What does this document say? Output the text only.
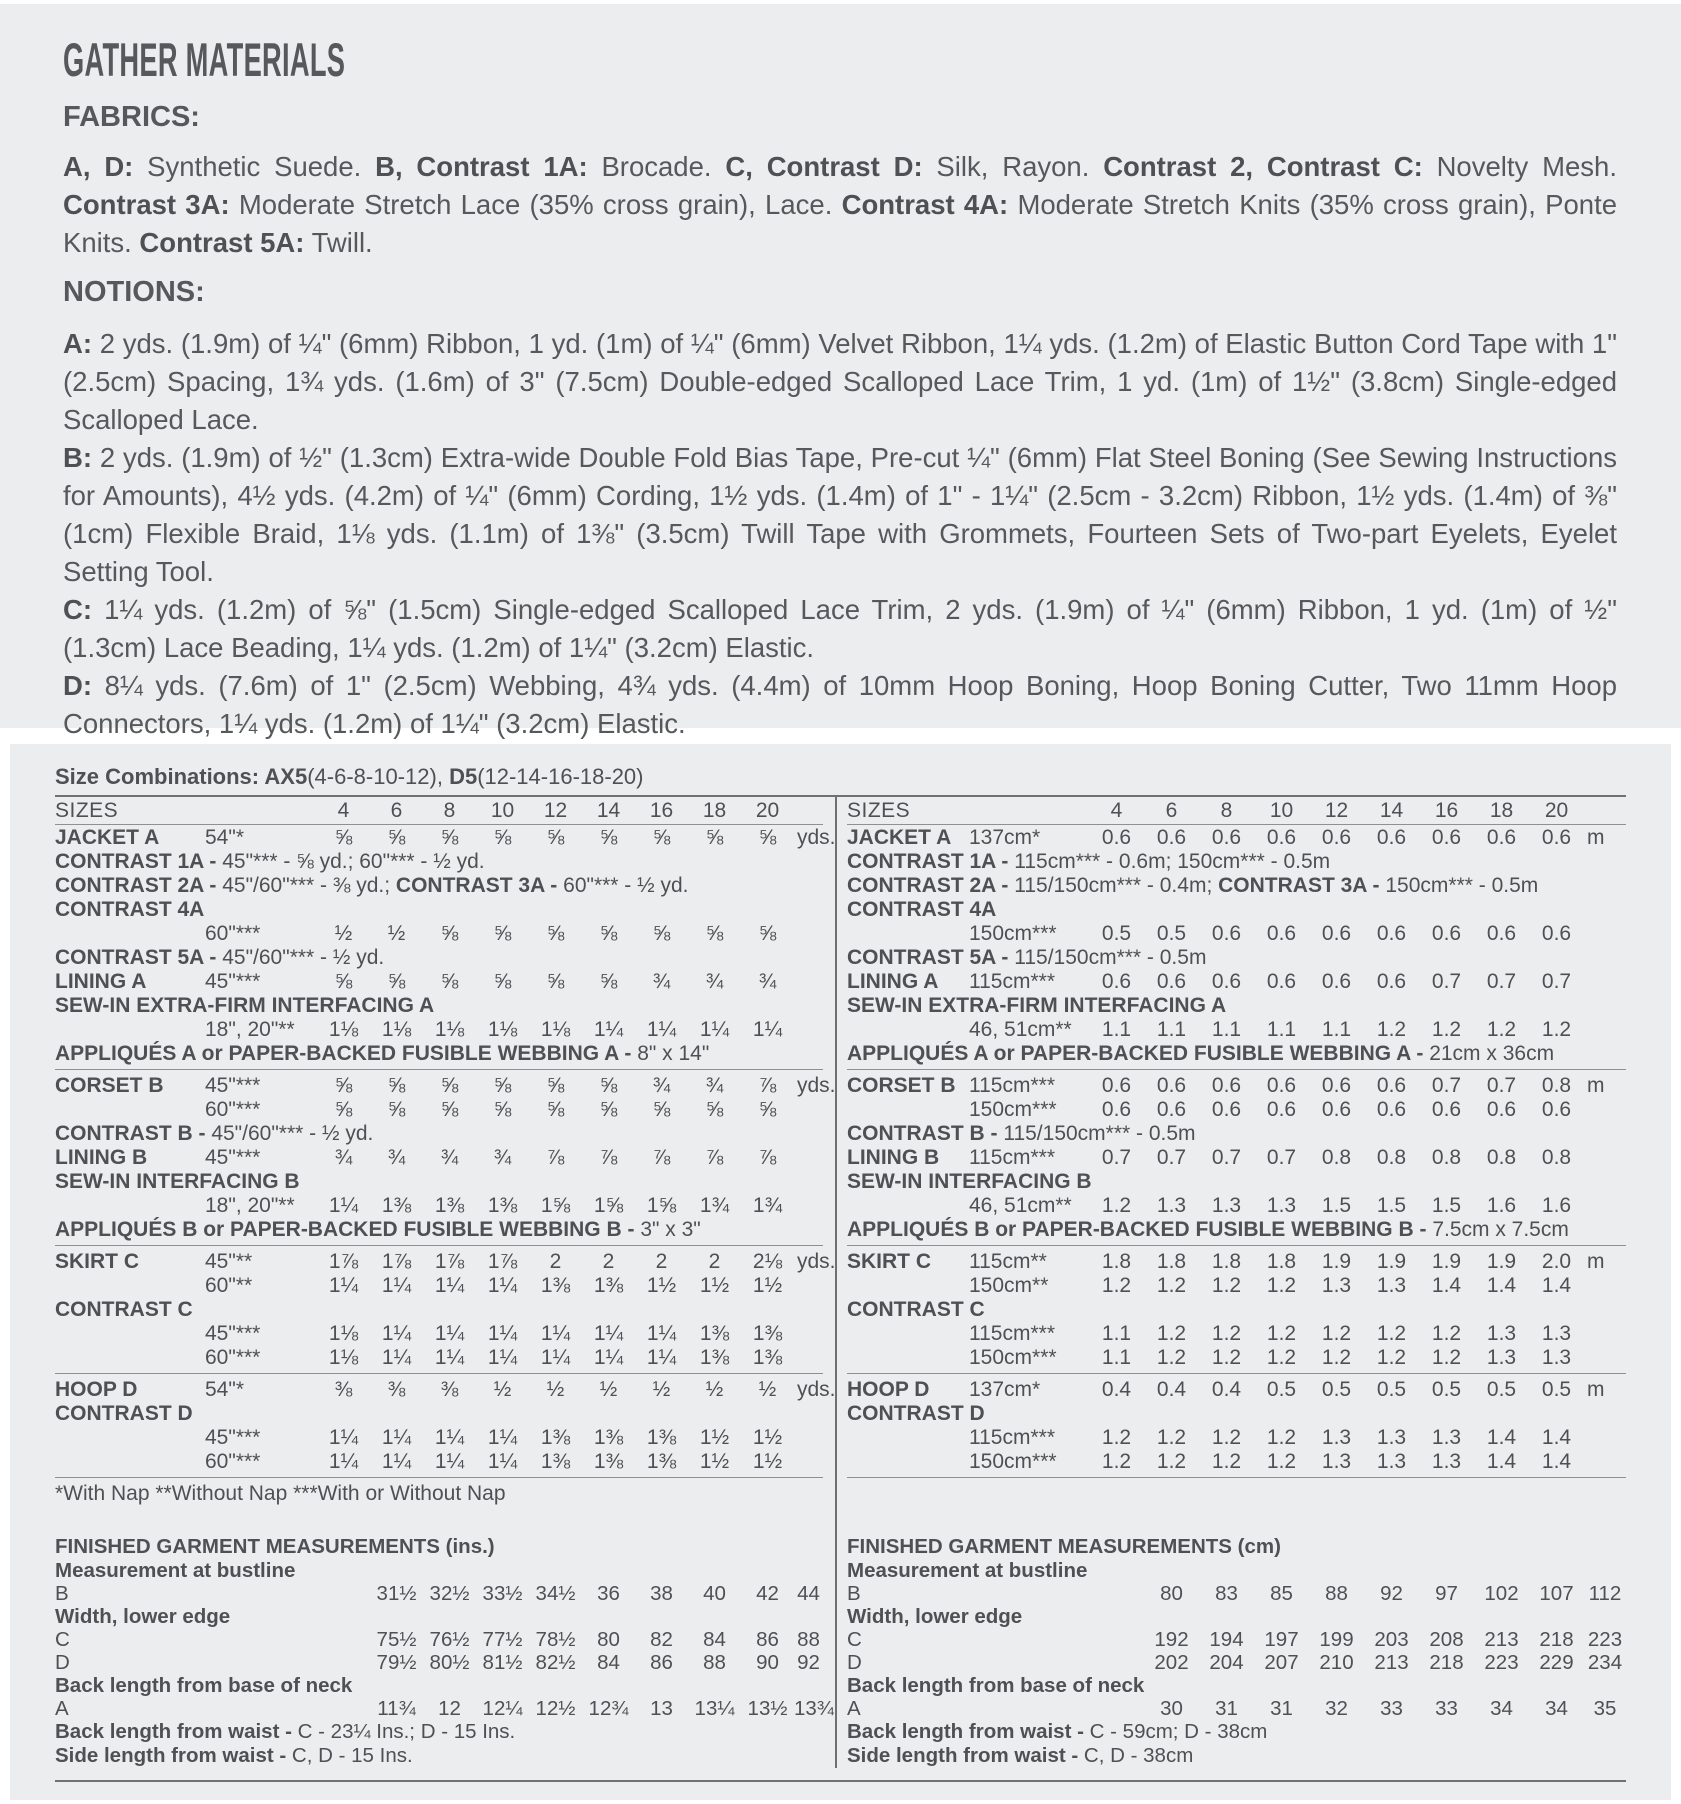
GATHER MATERIALS
FABRICS:
A, D: Synthetic Suede. B, Contrast 1A: Brocade. C, Contrast D: Silk, Rayon. Contrast 2, Contrast C: Novelty Mesh. Contrast 3A: Moderate Stretch Lace (35% cross grain), Lace. Contrast 4A: Moderate Stretch Knits (35% cross grain), Ponte Knits. Contrast 5A: Twill.
NOTIONS:
A: 2 yds. (1.9m) of ¼" (6mm) Ribbon, 1 yd. (1m) of ¼" (6mm) Velvet Ribbon, 1¼ yds. (1.2m) of Elastic Button Cord Tape with 1" (2.5cm) Spacing, 1¾ yds. (1.6m) of 3" (7.5cm) Double-edged Scalloped Lace Trim, 1 yd. (1m) of 1½" (3.8cm) Single-edged Scalloped Lace.
B: 2 yds. (1.9m) of ½" (1.3cm) Extra-wide Double Fold Bias Tape, Pre-cut ¼" (6mm) Flat Steel Boning (See Sewing Instructions for Amounts), 4½ yds. (4.2m) of ¼" (6mm) Cording, 1½ yds. (1.4m) of 1" - 1¼" (2.5cm - 3.2cm) Ribbon, 1½ yds. (1.4m) of ⅜" (1cm) Flexible Braid, 1⅛ yds. (1.1m) of 1⅜" (3.5cm) Twill Tape with Grommets, Fourteen Sets of Two-part Eyelets, Eyelet Setting Tool.
C: 1¼ yds. (1.2m) of ⅝" (1.5cm) Single-edged Scalloped Lace Trim, 2 yds. (1.9m) of ¼" (6mm) Ribbon, 1 yd. (1m) of ½" (1.3cm) Lace Beading, 1¼ yds. (1.2m) of 1¼" (3.2cm) Elastic.
D: 8¼ yds. (7.6m) of 1" (2.5cm) Webbing, 4¾ yds. (4.4m) of 10mm Hoop Boning, Hoop Boning Cutter, Two 11mm Hoop Connectors, 1¼ yds. (1.2m) of 1¼" (3.2cm) Elastic.
Size Combinations: AX5(4-6-8-10-12), D5(12-14-16-18-20)
SIZES	4	6	8	10	12	14	16	18	20
JACKET A	54"*	⅝	⅝	⅝	⅝	⅝	⅝	⅝	⅝	⅝ yds.
CONTRAST 1A - 45"*** - ⅝ yd.; 60"*** - ½ yd.
CONTRAST 2A - 45"/60"*** - ⅜ yd.; CONTRAST 3A - 60"*** - ½ yd.
CONTRAST 4A
60"***	½	½	⅝	⅝	⅝	⅝	⅝	⅝	⅝
CONTRAST 5A - 45"/60"*** - ½ yd.
LINING A	45"***	⅝	⅝	⅝	⅝	⅝	⅝	¾	¾	¾
SEW-IN EXTRA-FIRM INTERFACING A
18", 20"**	1⅛	1⅛	1⅛	1⅛	1⅛	1¼	1¼	1¼	1¼
APPLIQUÉS A or PAPER-BACKED FUSIBLE WEBBING A - 8" x 14"
CORSET B	45"***	⅝	⅝	⅝	⅝	⅝	⅝	¾	¾	⅞ yds.
60"***	⅝	⅝	⅝	⅝	⅝	⅝	⅝	⅝	⅝
CONTRAST B - 45"/60"*** - ½ yd.
LINING B	45"***	¾	¾	¾	¾	⅞	⅞	⅞	⅞	⅞
SEW-IN INTERFACING B
18", 20"**	1¼	1⅜	1⅜	1⅜	1⅝	1⅝	1⅝	1¾	1¾
APPLIQUÉS B or PAPER-BACKED FUSIBLE WEBBING B - 3" x 3"
SKIRT C	45"**	1⅞	1⅞	1⅞	1⅞	2	2	2	2	2⅛ yds.
60"**	1¼	1¼	1¼	1¼	1⅜	1⅜	1½	1½	1½
CONTRAST C
45"***	1⅛	1¼	1¼	1¼	1¼	1¼	1¼	1⅜	1⅜
60"***	1⅛	1¼	1¼	1¼	1¼	1¼	1¼	1⅜	1⅜
HOOP D	54"*	⅜	⅜	⅜	½	½	½	½	½	½ yds.
CONTRAST D
45"***	1¼	1¼	1¼	1¼	1⅜	1⅜	1⅜	1½	1½
60"***	1¼	1¼	1¼	1¼	1⅜	1⅜	1⅜	1½	1½
*With Nap **Without Nap ***With or Without Nap
FINISHED GARMENT MEASUREMENTS (ins.)
Measurement at bustline
B	31½ 32½ 33½ 34½	36	38	40	42 44
Width, lower edge
C	75½ 76½ 77½ 78½	80	82	84	86 88
D	79½ 80½ 81½ 82½	84	86	88	90 92
Back length from base of neck
A	11¾	12	12¼ 12½ 12¾	13	13¼ 13½ 13¾
Back length from waist - C - 23¼ Ins.; D - 15 Ins.
Side length from waist - C, D - 15 Ins.
SIZES	4	6	8	10	12	14	16	18	20
JACKET A 137cm*	0.6	0.6	0.6	0.6	0.6	0.6	0.6	0.6	0.6 m
CONTRAST 1A - 115cm*** - 0.6m; 150cm*** - 0.5m
CONTRAST 2A - 115/150cm*** - 0.4m; CONTRAST 3A - 150cm*** - 0.5m
CONTRAST 4A
150cm***	0.5	0.5	0.6	0.6	0.6	0.6	0.6	0.6	0.6
CONTRAST 5A - 115/150cm*** - 0.5m
LINING A	115cm***	0.6	0.6	0.6	0.6	0.6	0.6	0.7	0.7	0.7
SEW-IN EXTRA-FIRM INTERFACING A
46, 51cm**	1.1	1.1	1.1	1.1	1.1	1.2	1.2	1.2	1.2
APPLIQUÉS A or PAPER-BACKED FUSIBLE WEBBING A - 21cm x 36cm
CORSET B 115cm***	0.6	0.6	0.6	0.6	0.6	0.6	0.7	0.7	0.8 m
150cm***	0.6	0.6	0.6	0.6	0.6	0.6	0.6	0.6	0.6
CONTRAST B - 115/150cm*** - 0.5m
LINING B	115cm***	0.7	0.7	0.7	0.7	0.8	0.8	0.8	0.8	0.8
SEW-IN INTERFACING B
46, 51cm**	1.2	1.3	1.3	1.3	1.5	1.5	1.5	1.6	1.6
APPLIQUÉS B or PAPER-BACKED FUSIBLE WEBBING B - 7.5cm x 7.5cm
SKIRT C	115cm**	1.8	1.8	1.8	1.8	1.9	1.9	1.9	1.9	2.0 m
150cm**	1.2	1.2	1.2	1.2	1.3	1.3	1.4	1.4	1.4
CONTRAST C
115cm***	1.1	1.2	1.2	1.2	1.2	1.2	1.2	1.3	1.3
150cm***	1.1	1.2	1.2	1.2	1.2	1.2	1.2	1.3	1.3
HOOP D	137cm*	0.4	0.4	0.4	0.5	0.5	0.5	0.5	0.5	0.5 m
CONTRAST D
115cm***	1.2	1.2	1.2	1.2	1.3	1.3	1.3	1.4	1.4
150cm***	1.2	1.2	1.2	1.2	1.3	1.3	1.3	1.4	1.4
FINISHED GARMENT MEASUREMENTS (cm)
Measurement at bustline
B	80	83	85	88	92	97	102	107 112
Width, lower edge
C	192	194	197	199	203	208	213	218 223
D	202	204	207	210	213	218	223	229 234
Back length from base of neck
A	30	31	31	32	33	33	34	34	35
Back length from waist - C - 59cm; D - 38cm
Side length from waist - C, D - 38cm
